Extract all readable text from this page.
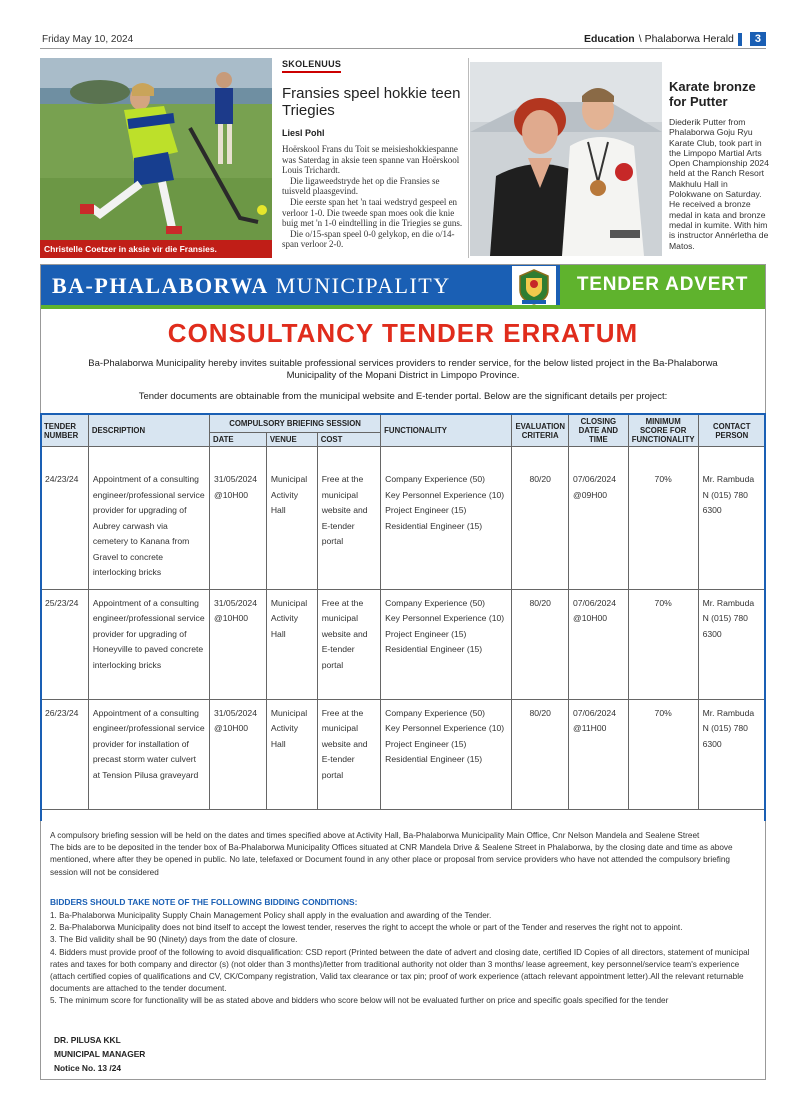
Friday May 10, 2024	Education \ Phalaborwa Herald	3
Christelle Coetzer in aksie vir die Fransies.
SKOLENUUS
Fransies speel hokkie teen Triegies
Liesl Pohl

Hoërskool Frans du Toit se meisieshokkiespanne was Saterdag in aksie teen spanne van Hoërskool Louis Trichardt.

Die ligaweedstryde het op die Fransies se tuisveld plaasgevind.

Die eerste span het 'n taai wedstryd gespeel en verloor 1-0. Die tweede span moes ook die knie buig met 'n 1-0 eindtelling in die Triegies se guns.

Die o/15-span speel 0-0 gelykop, en die o/14-span verloor 2-0.

Karate bronze for Putter
Diederik Putter from Phalaborwa Goju Ryu Karate Club, took part in the Limpopo Martial Arts Open Championship 2024 held at the Ranch Resort Makhulu Hall in Polokwane on Saturday. He received a bronze medal in kata and bronze medal in kumite. With him is instructor Annérletha de Matos.
BA-PHALABORWA MUNICIPALITY	TENDER ADVERT
CONSULTANCY TENDER ERRATUM
Ba-Phalaborwa Municipality hereby invites suitable professional services providers to render service, for the below listed project in the Ba-Phalaborwa Municipality of the Mopani District in Limpopo Province.
Tender documents are obtainable from the municipal website and E-tender portal. Below are the significant details per project:
TENDER NUMBER	DESCRIPTION	COMPULSORY BRIEFING SESSION			FUNCTIONALITY	EVALUATION CRITERIA	CLOSING DATE AND TIME	MINIMUM SCORE FOR FUNCTIONALITY	CONTACT PERSON
		DATE	VENUE	COST					
24/23/24	Appointment of a consulting engineer/professional service provider for upgrading of Aubrey carwash via cemetery to Kanana from Gravel to concrete interlocking bricks	31/05/2024 @10H00	Municipal Activity Hall	Free at the municipal website and E-tender portal	Company Experience (50)
Key Personnel Experience (10)
Project Engineer (15)
Residential Engineer (15)	80/20	07/06/2024 @09H00	70%	Mr. Rambuda N (015) 780 6300
25/23/24	Appointment of a consulting engineer/professional service provider for upgrading of Honeyville to paved concrete interlocking bricks	31/05/2024 @10H00	Municipal Activity Hall	Free at the municipal website and E-tender portal	Company Experience (50)
Key Personnel Experience (10)
Project Engineer (15)
Residential Engineer (15)	80/20	07/06/2024 @10H00	70%	Mr. Rambuda N (015) 780 6300
26/23/24	Appointment of a consulting engineer/professional service provider for installation of precast storm water culvert at Tension Pilusa graveyard	31/05/2024 @10H00	Municipal Activity Hall	Free at the municipal website and E-tender portal	Company Experience (50)
Key Personnel Experience (10)
Project Engineer (15)
Residential Engineer (15)	80/20	07/06/2024 @11H00	70%	Mr. Rambuda N (015) 780 6300
A compulsory briefing session will be held on the dates and times specified above at Activity Hall, Ba-Phalaborwa Municipality Main Office, Cnr Nelson Mandela and Sealene Street
The bids are to be deposited in the tender box of Ba-Phalaborwa Municipality Offices situated at CNR Mandela Drive & Sealene Street in Phalaborwa, by the closing date and time as above mentioned, where after they be opened in public. No late, telefaxed or Document found in any other place or proposal from service providers who have not attended the compulsory briefing session will not be considered
BIDDERS SHOULD TAKE NOTE OF THE FOLLOWING BIDDING CONDITIONS:
1. Ba-Phalaborwa Municipality Supply Chain Management Policy shall apply in the evaluation and awarding of the Tender.
2. Ba-Phalaborwa Municipality does not bind itself to accept the lowest tender, reserves the right to accept the whole or part of the Tender and reserves the right not to appoint.
3. The Bid validity shall be 90 (Ninety) days from the date of closure.
4. Bidders must provide proof of the following to avoid disqualification: CSD report (Printed between the date of advert and closing date, certified ID Copies of all directors, statement of municipal rates and taxes for both company and director (s) (not older than 3 months)/letter from traditional authority not older than 3 months/ lease agreement, key personnel/service team's experience (attach certified copies of qualifications and CV, CK/Company registration, Valid tax clearance or tax pin; proof of work experience (attach relevant appointment letter).All the relevant returnable documents are attached to the tender document.
5. The minimum score for functionality will be as stated above and bidders who score below will not be evaluated further on price and specific goals specified for the tender
DR. PILUSA KKL
MUNICIPAL MANAGER
Notice No. 13 /24
